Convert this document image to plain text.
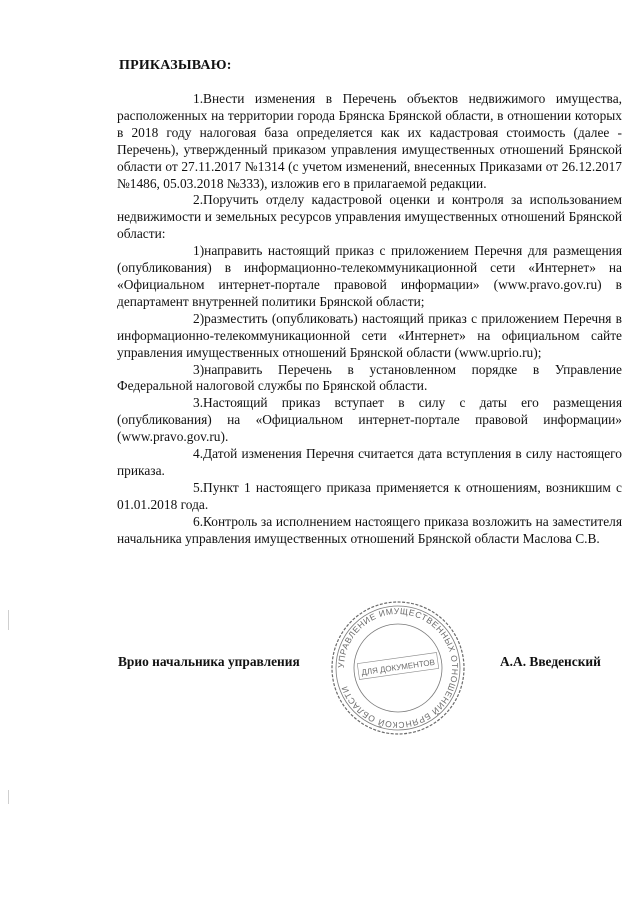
ПРИКАЗЫВАЮ:

1.Внести изменения в Перечень объектов недвижимого имущества, расположенных на территории города Брянска Брянской области, в отношении которых в 2018 году налоговая база определяется как их кадастровая стоимость (далее - Перечень), утвержденный приказом управления имущественных отношений Брянской области от 27.11.2017 №1314 (с учетом изменений, внесенных Приказами от 26.12.2017 №1486, 05.03.2018 №333), изложив его в прилагаемой редакции.

2.Поручить отделу кадастровой оценки и контроля за использованием недвижимости и земельных ресурсов управления имущественных отношений Брянской области:

1)направить настоящий приказ с приложением Перечня для размещения (опубликования) в информационно-телекоммуникационной сети «Интернет» на «Официальном интернет-портале правовой информации» (www.pravo.gov.ru) в департамент внутренней политики Брянской области;

2)разместить (опубликовать) настоящий приказ с приложением Перечня в информационно-телекоммуникационной сети «Интернет» на официальном сайте управления имущественных отношений Брянской области (www.uprio.ru);

3)направить Перечень в установленном порядке в Управление Федеральной налоговой службы по Брянской области.

3.Настоящий приказ вступает в силу с даты его размещения (опубликования) на «Официальном интернет-портале правовой информации» (www.pravo.gov.ru).

4.Датой изменения Перечня считается дата вступления в силу настоящего приказа.

5.Пункт 1 настоящего приказа применяется к отношениям, возникшим с 01.01.2018 года.

6.Контроль за исполнением настоящего приказа возложить на заместителя начальника управления имущественных отношений Брянской области Маслова С.В.

Врио начальника управления	А.А. Введенский
УПРАВЛЕНИЕ ИМУЩЕСТВЕННЫХ ОТНОШЕНИЙ БРЯНСКОЙ ОБЛАСТИ
ДЛЯ ДОКУМЕНТОВ
